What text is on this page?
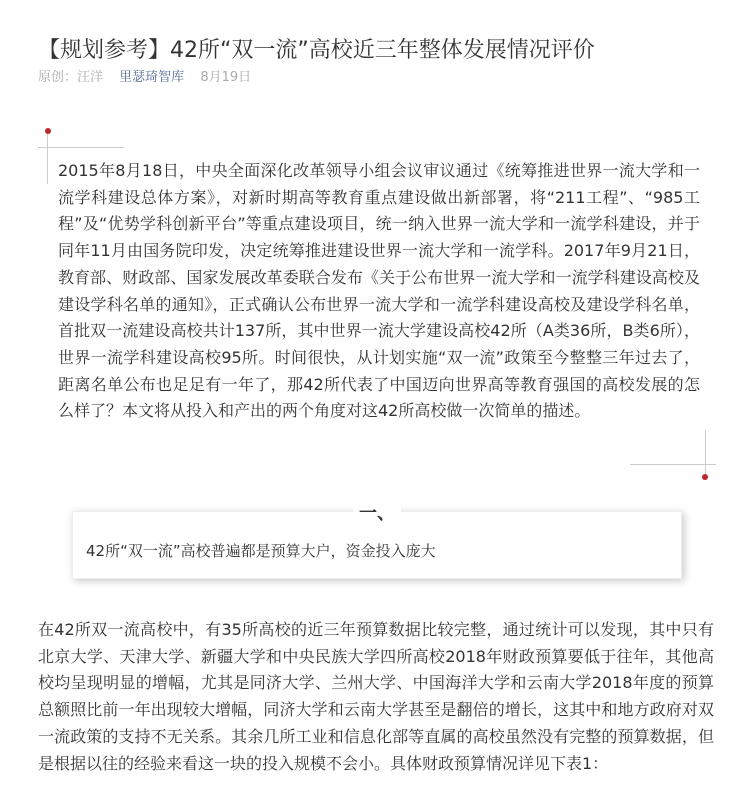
【规划参考】42所“双一流”高校近三年整体发展情况评价
原创：汪洋 里瑟琦智库 8月19日
2015年8月18日，中央全面深化改革领导小组会议审议通过《统筹推进世界一流大学和一流学科建设总体方案》，对新时期高等教育重点建设做出新部署，将“211工程”、“985工程”及“优势学科创新平台”等重点建设项目，统一纳入世界一流大学和一流学科建设，并于同年11月由国务院印发，决定统筹推进建设世界一流大学和一流学科。2017年9月21日，教育部、财政部、国家发展改革委联合发布《关于公布世界一流大学和一流学科建设高校及建设学科名单的通知》，正式确认公布世界一流大学和一流学科建设高校及建设学科名单，首批双一流建设高校共计137所，其中世界一流大学建设高校42所（A类36所，B类6所），世界一流学科建设高校95所。时间很快，从计划实施“双一流”政策至今整整三年过去了，距离名单公布也足足有一年了，那42所代表了中国迈向世界高等教育强国的高校发展的怎么样了？本文将从投入和产出的两个角度对这42所高校做一次简单的描述。
一、
42所“双一流”高校普遍都是预算大户，资金投入庞大
在42所双一流高校中，有35所高校的近三年预算数据比较完整，通过统计可以发现，其中只有北京大学、天津大学、新疆大学和中央民族大学四所高校2018年财政预算要低于往年，其他高校均呈现明显的增幅，尤其是同济大学、兰州大学、中国海洋大学和云南大学2018年度的预算总额照比前一年出现较大增幅，同济大学和云南大学甚至是翻倍的增长，这其中和地方政府对双一流政策的支持不无关系。其余几所工业和信息化部等直属的高校虽然没有完整的预算数据，但是根据以往的经验来看这一块的投入规模不会小。具体财政预算情况详见下表1：
